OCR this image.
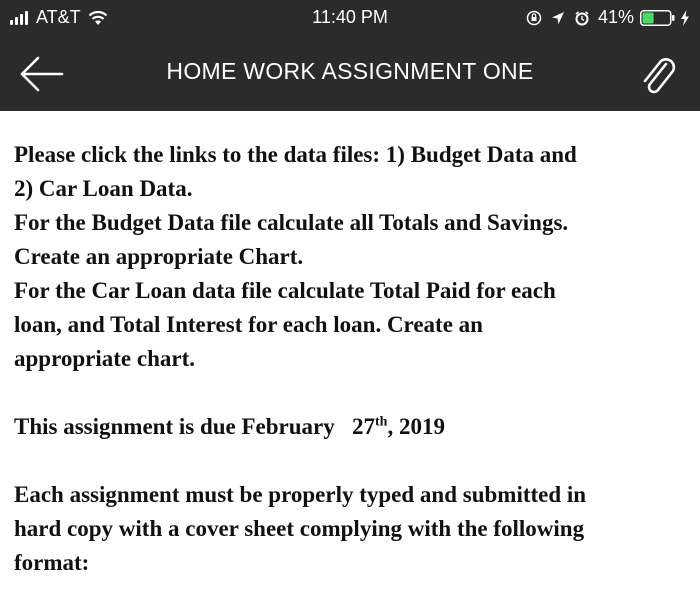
AT&T	11:40 PM	41%
HOME WORK ASSIGNMENT ONE

Please click the links to the data files: 1) Budget Data and

2) Car Loan Data.

For the Budget Data file calculate all Totals and Savings.

Create an appropriate Chart.

For the Car Loan data file calculate Total Paid for each

loan, and Total Interest for each loan. Create an

appropriate chart.

This assignment is due February   27th, 2019

Each assignment must be properly typed and submitted in

hard copy with a cover sheet complying with the following

format:
